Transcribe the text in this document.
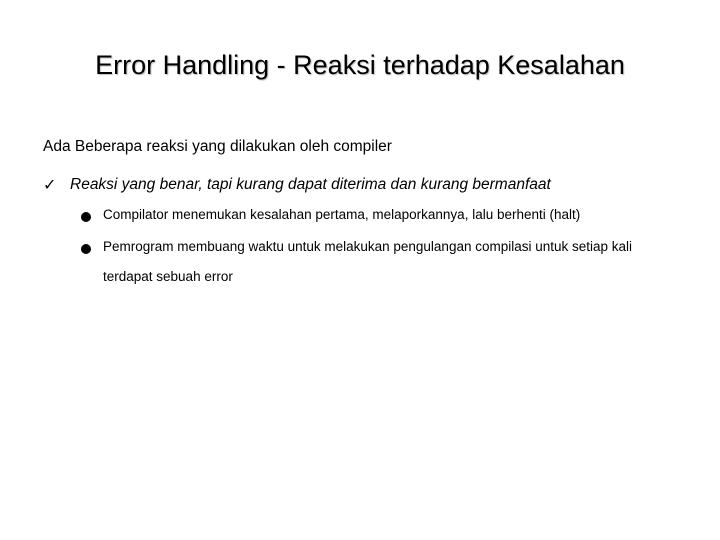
Error Handling - Reaksi terhadap Kesalahan
Ada Beberapa reaksi yang dilakukan oleh compiler
✓ Reaksi yang benar, tapi kurang dapat diterima dan kurang bermanfaat
Compilator menemukan kesalahan pertama, melaporkannya, lalu berhenti (halt)
Pemrogram membuang waktu untuk melakukan pengulangan compilasi untuk setiap kali terdapat sebuah error
